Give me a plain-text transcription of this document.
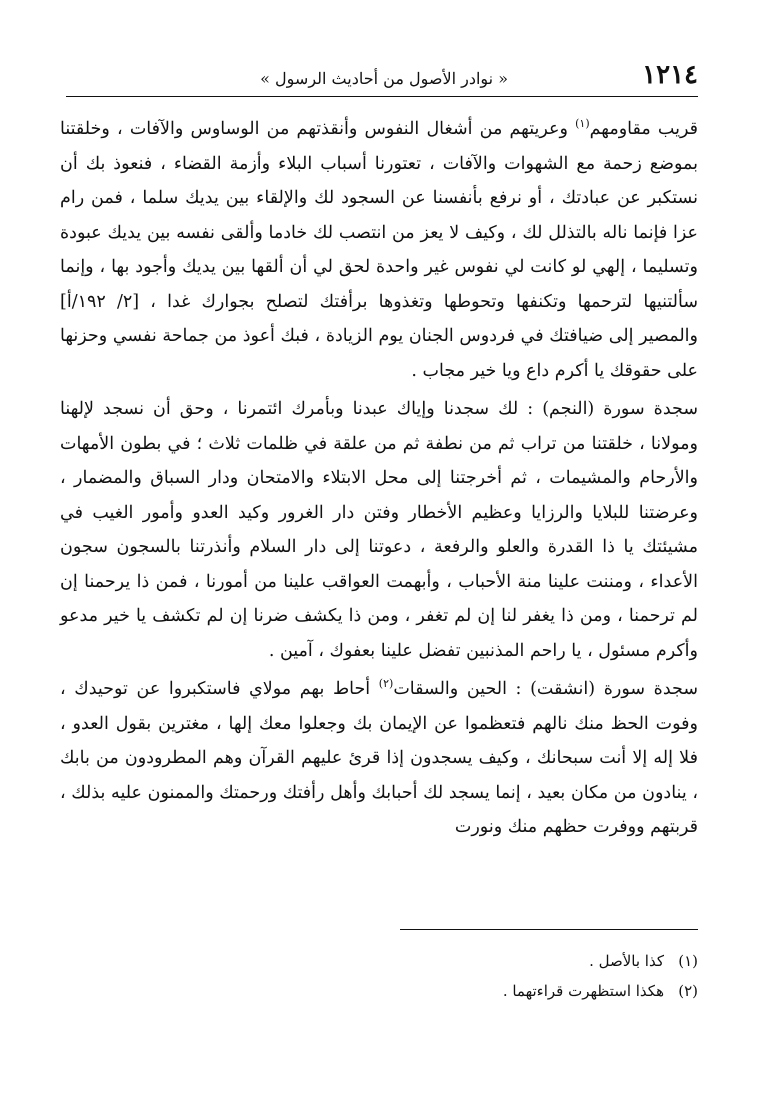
١٢١٤
« نوادر الأصول من أحاديث الرسول »

قريب مقاومهم$^{(١)}$ وعريتهم من أشغال النفوس وأنقذتهم من الوساوس والآفات ، وخلقتنا بموضع زحمة مع الشهوات والآفات ، تعتورنا أسباب البلاء وأزمة القضاء ، فنعوذ بك أن نستكبر عن عبادتك ، أو نرفع بأنفسنا عن السجود لك والإلقاء بين يديك سلما ، فمن رام عزا فإنما ناله بالتذلل لك ، وكيف لا يعز من انتصب لك خادما وألقى نفسه بين يديك عبودة وتسليما ، إلهي لو كانت لي نفوس غير واحدة لحق لي أن ألقها بين يديك وأجود بها ، وإنما سألتنيها لترحمها وتكنفها وتحوطها وتغذوها برأفتك لتصلح بجوارك غدا ، [٢/ ١٩٢/أ] والمصير إلى ضيافتك في فردوس الجنان يوم الزيادة ، فبك أعوذ من جماحة نفسي وحزنها على حقوقك يا أكرم داع ويا خير مجاب .

سجدة سورة (النجم) : لك سجدنا وإياك عبدنا وبأمرك ائتمرنا ، وحق أن نسجد لإلهنا ومولانا ، خلقتنا من تراب ثم من نطفة ثم من علقة في ظلمات ثلاث ؛ في بطون الأمهات والأرحام والمشيمات ، ثم أخرجتنا إلى محل الابتلاء والامتحان ودار السباق والمضمار ، وعرضتنا للبلايا والرزايا وعظيم الأخطار وفتن دار الغرور وكيد العدو وأمور الغيب في مشيئتك يا ذا القدرة والعلو والرفعة ، دعوتنا إلى دار السلام وأنذرتنا بالسجون سجون الأعداء ، ومننت علينا منة الأحباب ، وأبهمت العواقب علينا من أمورنا ، فمن ذا يرحمنا إن لم ترحمنا ، ومن ذا يغفر لنا إن لم تغفر ، ومن ذا يكشف ضرنا إن لم تكشف يا خير مدعو وأكرم مسئول ، يا راحم المذنبين تفضل علينا بعفوك ، آمين .

سجدة سورة (انشقت) : الحين والسقات$^{(٢)}$ أحاط بهم مولاي فاستكبروا عن توحيدك ، وفوت الحظ منك نالهم فتعظموا عن الإيمان بك وجعلوا معك إلها ، مغترين بقول العدو ، فلا إله إلا أنت سبحانك ، وكيف يسجدون إذا قرئ عليهم القرآن وهم المطرودون من بابك ، ينادون من مكان بعيد ، إنما يسجد لك أحبابك وأهل رأفتك ورحمتك والممنون عليه بذلك ، قربتهم ووفرت حظهم منك ونورت

(١)كذا بالأصل .
(٢)هكذا استظهرت قراءتهما .
